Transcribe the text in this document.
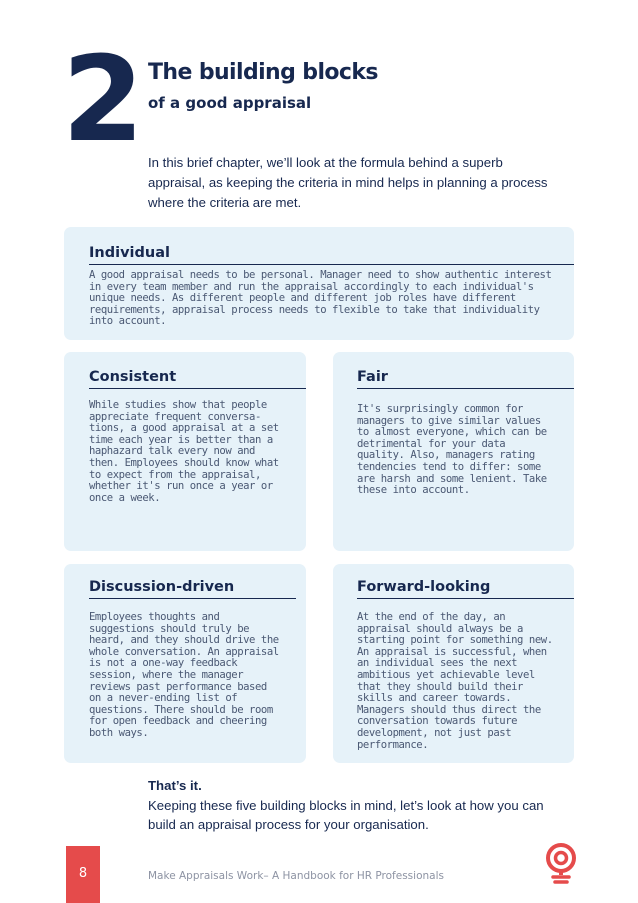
2 The building blocks
of a good appraisal

In this brief chapter, we’ll look at the formula behind a superb appraisal, as keeping the criteria in mind helps in planning a process where the criteria are met.

Individual
A good appraisal needs to be personal. Manager need to show authentic interest in every team member and run the appraisal accordingly to each individual's unique needs. As different people and different job roles have different requirements, appraisal process needs to flexible to take that individuality into account.
Consistent
While studies show that people appreciate frequent conversa-tions, a good appraisal at a set time each year is better than a haphazard talk every now and then. Employees should know what to expect from the appraisal, whether it's run once a year or once a week.
Fair
It's surprisingly common for managers to give similar values to almost everyone, which can be detrimental for your data quality. Also, managers rating tendencies tend to differ: some are harsh and some lenient. Take these into account.
Discussion-driven
Employees thoughts and suggestions should truly be heard, and they should drive the whole conversation. An appraisal is not a one-way feedback session, where the manager reviews past performance based on a never-ending list of questions. There should be room for open feedback and cheering both ways.
Forward-looking
At the end of the day, an appraisal should always be a starting point for something new. An appraisal is successful, when an individual sees the next ambitious yet achievable level that they should build their skills and career towards. Managers should thus direct the conversation towards future development, not just past performance.
That’s it.

Keeping these five building blocks in mind, let’s look at how you can build an appraisal process for your organisation.

8	Make Appraisals Work– A Handbook for HR Professionals
